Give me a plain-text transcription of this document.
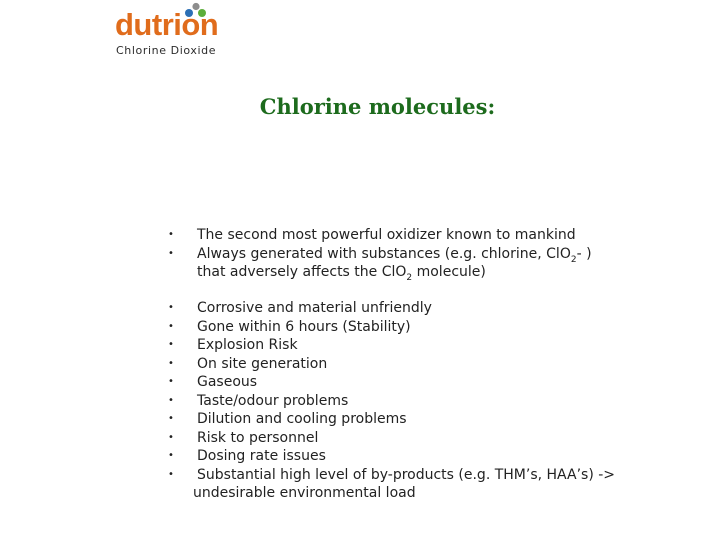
dutrion
Chlorine Dioxide
Chlorine molecules:
• The second most powerful oxidizer known to mankind
• Always generated with substances (e.g. chlorine, ClO$_2$- )
that adversely affects the ClO$_2$ molecule)
• Corrosive and material unfriendly
• Gone within 6 hours (Stability)
• Explosion Risk
• On site generation
• Gaseous
• Taste/odour problems
• Dilution and cooling problems
• Risk to personnel
• Dosing rate issues
• Substantial high level of by-products (e.g. THM’s, HAA’s) ->
undesirable environmental load
